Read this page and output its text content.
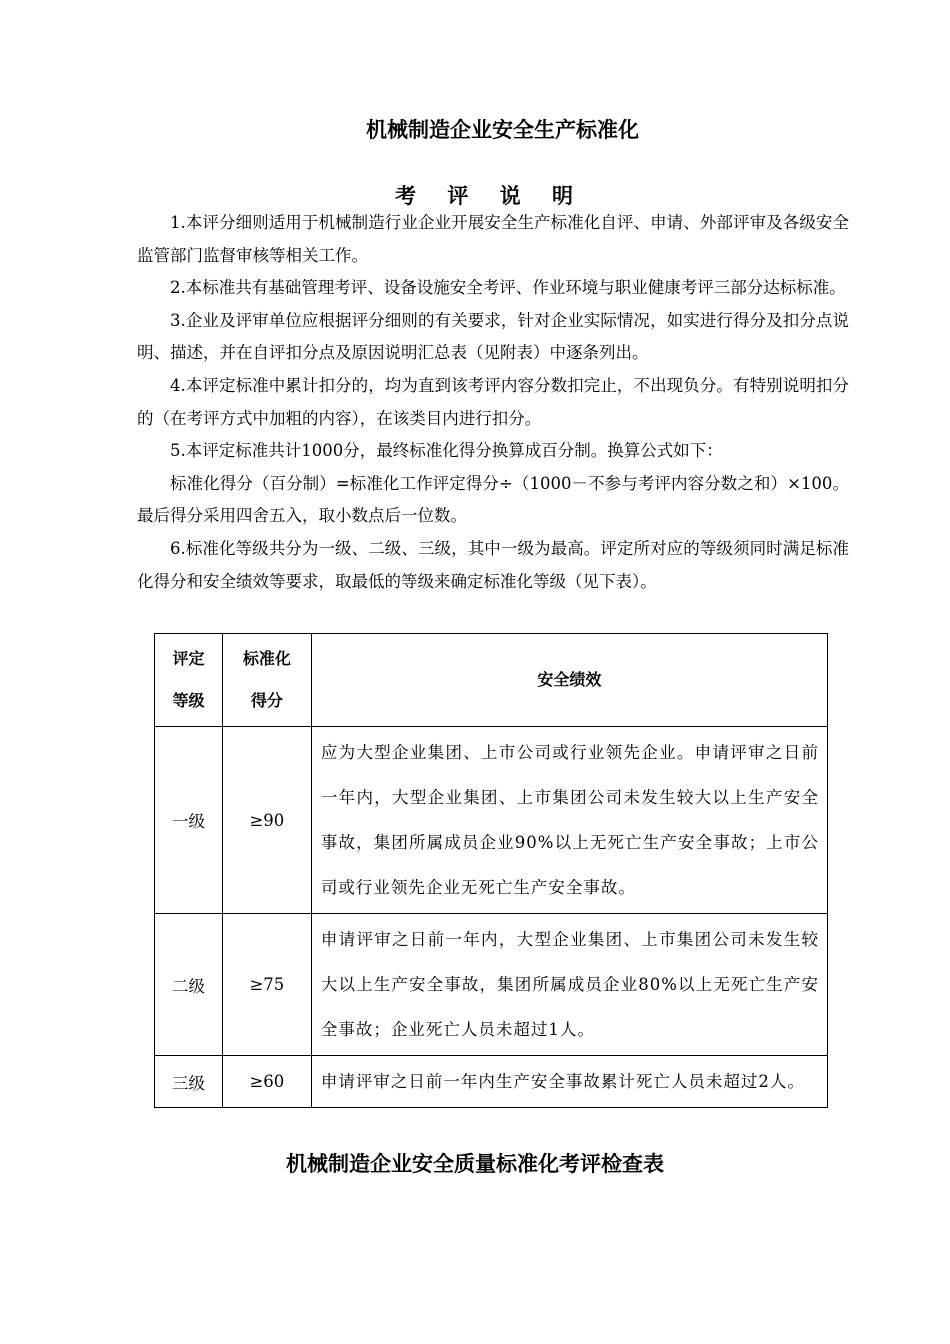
机械制造企业安全生产标准化
考 评 说 明

1.本评分细则适用于机械制造行业企业开展安全生产标准化自评、申请、外部评审及各级安全监管部门监督审核等相关工作。

2.本标准共有基础管理考评、设备设施安全考评、作业环境与职业健康考评三部分达标标准。

3.企业及评审单位应根据评分细则的有关要求，针对企业实际情况，如实进行得分及扣分点说明、描述，并在自评扣分点及原因说明汇总表（见附表）中逐条列出。

4.本评定标准中累计扣分的，均为直到该考评内容分数扣完止，不出现负分。有特别说明扣分的（在考评方式中加粗的内容），在该类目内进行扣分。

5.本评定标准共计1000分，最终标准化得分换算成百分制。换算公式如下：

标准化得分（百分制）=标准化工作评定得分÷（1000－不参与考评内容分数之和）×100。最后得分采用四舍五入，取小数点后一位数。

6.标准化等级共分为一级、二级、三级，其中一级为最高。评定所对应的等级须同时满足标准化得分和安全绩效等要求，取最低的等级来确定标准化等级（见下表）。

评定等级	标准化得分	安全绩效
一级	≥90	应为大型企业集团、上市公司或行业领先企业。申请评审之日前一年内，大型企业集团、上市集团公司未发生较大以上生产安全事故，集团所属成员企业90%以上无死亡生产安全事故；上市公司或行业领先企业无死亡生产安全事故。
二级	≥75	申请评审之日前一年内，大型企业集团、上市集团公司未发生较大以上生产安全事故，集团所属成员企业80%以上无死亡生产安全事故；企业死亡人员未超过1人。
三级	≥60	申请评审之日前一年内生产安全事故累计死亡人员未超过2人。
机械制造企业安全质量标准化考评检查表
